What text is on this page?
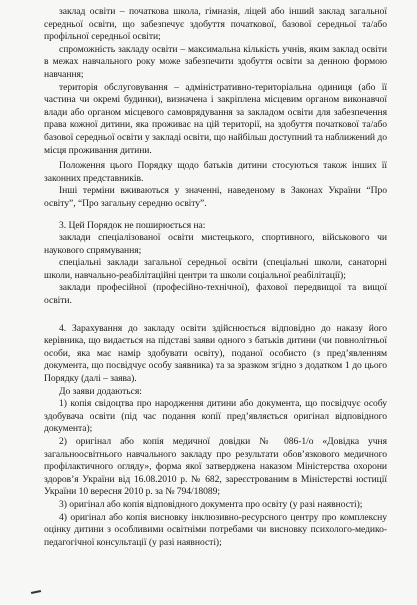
заклад освіти – початкова школа, гімназія, ліцей або інший заклад загальної середньої освіти, що забезпечує здобуття початкової, базової середньої та/або профільної середньої освіти;

спроможність закладу освіти – максимальна кількість учнів, яким заклад освіти в межах навчального року може забезпечити здобуття освіти за денною формою навчання;

територія обслуговування – адміністративно-територіальна одиниця (або її частина чи окремі будинки), визначена і закріплена місцевим органом виконавчої влади або органом місцевого самоврядування за закладом освіти для забезпечення права кожної дитини, яка проживає на цій території, на здобуття початкової та/або базової середньої освіти у закладі освіти, що найбільш доступний та наближений до місця проживання дитини.

Положення цього Порядку щодо батьків дитини стосуються також інших її законних представників.

Інші терміни вживаються у значенні, наведеному в Законах України “Про освіту”, “Про загальну середню освіту”.

3. Цей Порядок не поширюється на:

заклади спеціалізованої освіти мистецького, спортивного, військового чи наукового спрямування;

спеціальні заклади загальної середньої освіти (спеціальні школи, санаторні школи, навчально-реабілітаційні центри та школи соціальної реабілітації);

заклади професійної (професійно-технічної), фахової передвищої та вищої освіти.

4. Зарахування до закладу освіти здійснюється відповідно до наказу його керівника, що видається на підставі заяви одного з батьків дитини (чи повнолітньої особи, яка має намір здобувати освіту), поданої особисто (з пред’явленням документа, що посвідчує особу заявника) та за зразком згідно з додатком 1 до цього Порядку (далі – заява).

До заяви додаються:

1) копія свідоцтва про народження дитини або документа, що посвідчує особу здобувача освіти (під час подання копії пред’являється оригінал відповідного документа);

2) оригінал або копія медичної довідки № 086-1/о «Довідка учня загальноосвітнього навчального закладу про результати обов’язкового медичного профілактичного огляду», форма якої затверджена наказом Міністерства охорони здоров’я України від 16.08.2010 р. № 682, зареєстрованим в Міністерстві юстиції України 10 вересня 2010 р. за № 794/18089;

3) оригінал або копія відповідного документа про освіту (у разі наявності);

4) оригінал або копія висновку інклюзивно-ресурсного центру про комплексну оцінку дитини з особливими освітніми потребами чи висновку психолого-медико-педагогічної консультації (у разі наявності);
